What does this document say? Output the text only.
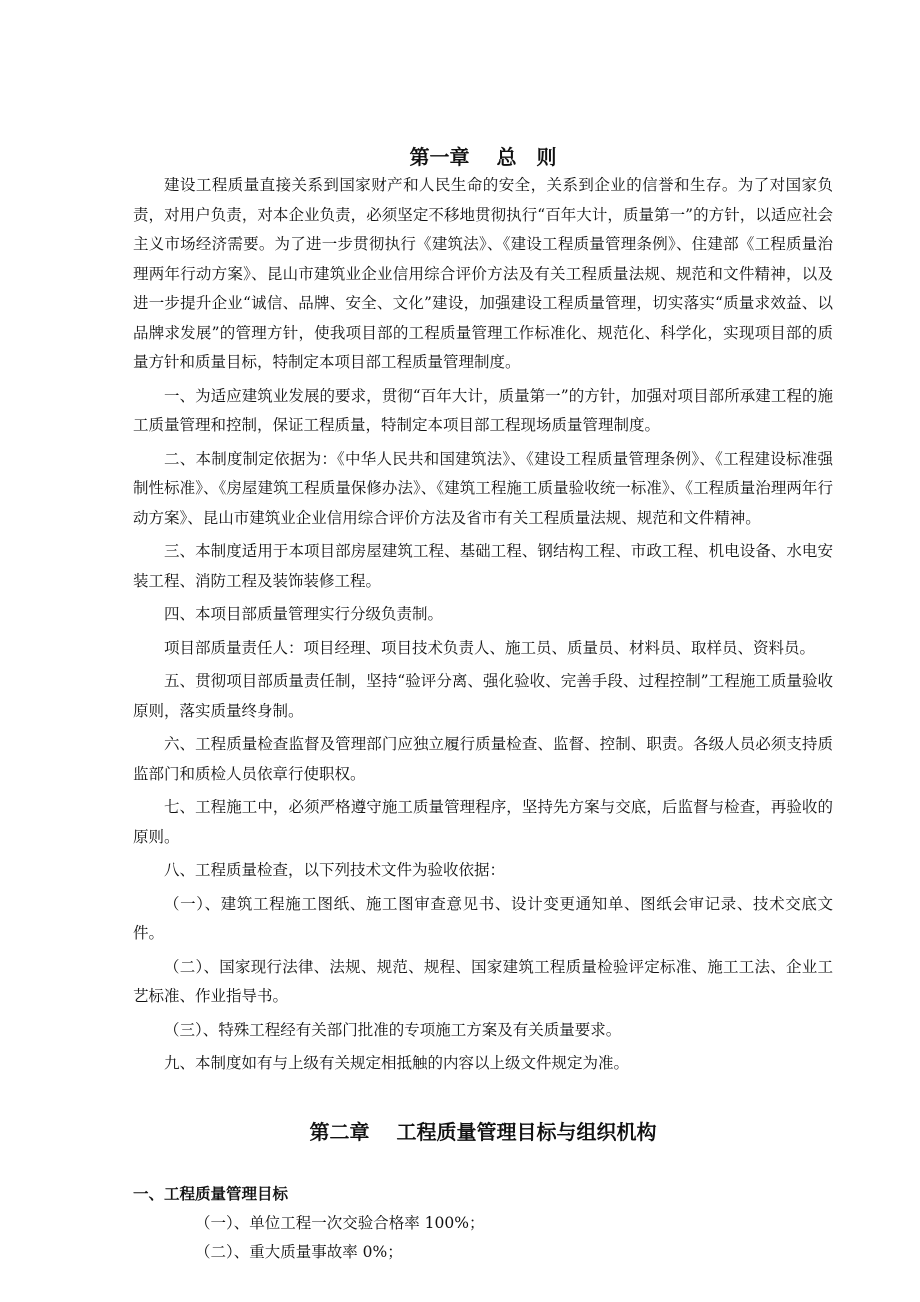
第一章　 总　则

建设工程质量直接关系到国家财产和人民生命的安全，关系到企业的信誉和生存。为了对国家负责，对用户负责，对本企业负责，必须坚定不移地贯彻执行“百年大计，质量第一”的方针，以适应社会主义市场经济需要。为了进一步贯彻执行《建筑法》、《建设工程质量管理条例》、住建部《工程质量治理两年行动方案》、昆山市建筑业企业信用综合评价方法及有关工程质量法规、规范和文件精神，以及进一步提升企业“诚信、品牌、安全、文化”建设，加强建设工程质量管理，切实落实“质量求效益、以品牌求发展”的管理方针，使我项目部的工程质量管理工作标准化、规范化、科学化，实现项目部的质量方针和质量目标，特制定本项目部工程质量管理制度。

一、为适应建筑业发展的要求，贯彻“百年大计，质量第一”的方针，加强对项目部所承建工程的施工质量管理和控制，保证工程质量，特制定本项目部工程现场质量管理制度。

二、本制度制定依据为：《中华人民共和国建筑法》、《建设工程质量管理条例》、《工程建设标准强制性标准》、《房屋建筑工程质量保修办法》、《建筑工程施工质量验收统一标准》、《工程质量治理两年行动方案》、昆山市建筑业企业信用综合评价方法及省市有关工程质量法规、规范和文件精神。

三、本制度适用于本项目部房屋建筑工程、基础工程、钢结构工程、市政工程、机电设备、水电安装工程、消防工程及装饰装修工程。

四、本项目部质量管理实行分级负责制。

项目部质量责任人：项目经理、项目技术负责人、施工员、质量员、材料员、取样员、资料员。

五、贯彻项目部质量责任制，坚持“验评分离、强化验收、完善手段、过程控制”工程施工质量验收原则，落实质量终身制。

六、工程质量检查监督及管理部门应独立履行质量检查、监督、控制、职责。各级人员必须支持质监部门和质检人员依章行使职权。

七、工程施工中，必须严格遵守施工质量管理程序，坚持先方案与交底，后监督与检查，再验收的原则。

八、工程质量检查，以下列技术文件为验收依据：

（一）、建筑工程施工图纸、施工图审查意见书、设计变更通知单、图纸会审记录、技术交底文件。

（二）、国家现行法律、法规、规范、规程、国家建筑工程质量检验评定标准、施工工法、企业工艺标准、作业指导书。

（三）、特殊工程经有关部门批准的专项施工方案及有关质量要求。

九、本制度如有与上级有关规定相抵触的内容以上级文件规定为准。

第二章　 工程质量管理目标与组织机构
一、工程质量管理目标

（一）、单位工程一次交验合格率 100%；

（二）、重大质量事故率 0%；
